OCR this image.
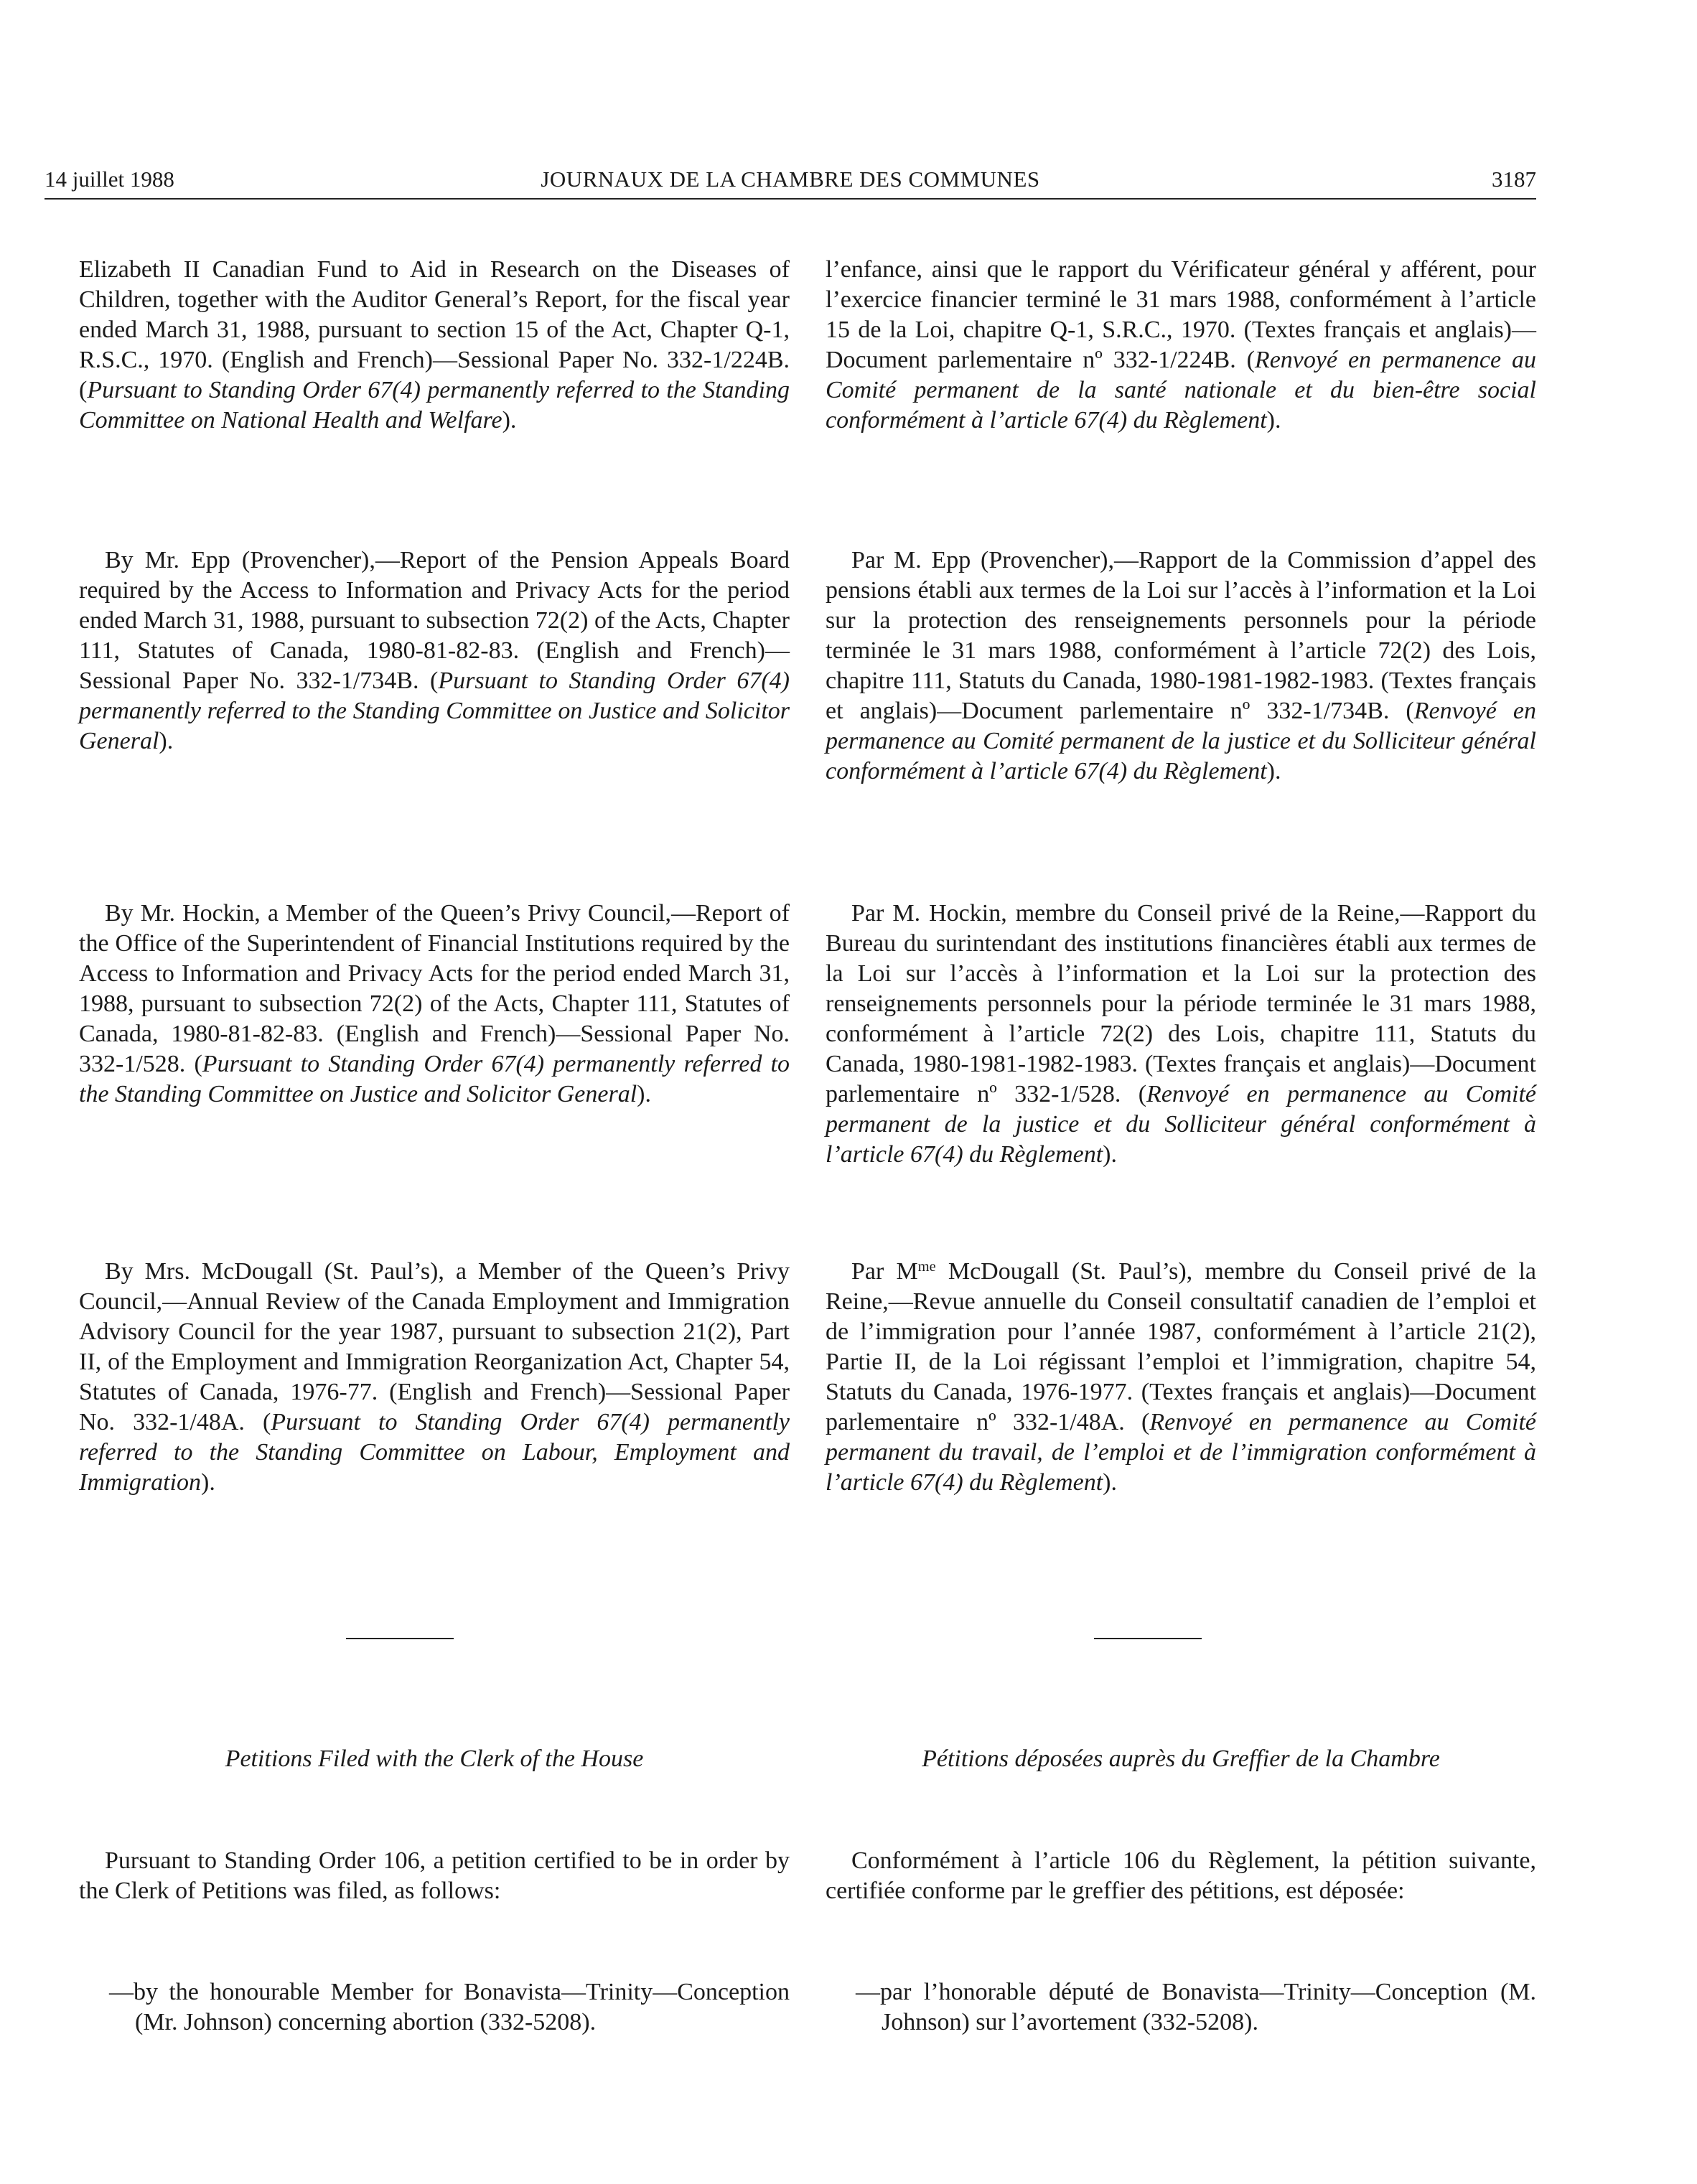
14 juillet 1988	JOURNAUX DE LA CHAMBRE DES COMMUNES	3187

Elizabeth II Canadian Fund to Aid in Research on the Diseases of Children, together with the Auditor General’s Report, for the fiscal year ended March 31, 1988, pursuant to section 15 of the Act, Chapter Q-1, R.S.C., 1970. (English and French)—Sessional Paper No. 332-1/224B. (Pursuant to Standing Order 67(4) permanently referred to the Standing Committee on National Health and Welfare).

By Mr. Epp (Provencher),—Report of the Pension Appeals Board required by the Access to Information and Privacy Acts for the period ended March 31, 1988, pursuant to subsection 72(2) of the Acts, Chapter 111, Statutes of Canada, 1980-81-82-83. (English and French)—Sessional Paper No. 332-1/734B. (Pursuant to Standing Order 67(4) permanently referred to the Standing Committee on Justice and Solicitor General).

By Mr. Hockin, a Member of the Queen’s Privy Council,—Report of the Office of the Superintendent of Financial Institutions required by the Access to Information and Privacy Acts for the period ended March 31, 1988, pursuant to subsection 72(2) of the Acts, Chapter 111, Statutes of Canada, 1980-81-82-83. (English and French)—Sessional Paper No. 332-1/528. (Pursuant to Standing Order 67(4) permanently referred to the Standing Committee on Justice and Solicitor General).

By Mrs. McDougall (St. Paul’s), a Member of the Queen’s Privy Council,—Annual Review of the Canada Employment and Immigration Advisory Council for the year 1987, pursuant to subsection 21(2), Part II, of the Employment and Immigration Reorganization Act, Chapter 54, Statutes of Canada, 1976-77. (English and French)—Sessional Paper No. 332-1/48A. (Pursuant to Standing Order 67(4) permanently referred to the Standing Committee on Labour, Employment and Immigration).

Petitions Filed with the Clerk of the House

Pursuant to Standing Order 106, a petition certified to be in order by the Clerk of Petitions was filed, as follows:

—by the honourable Member for Bonavista—Trinity—Conception (Mr. Johnson) concerning abortion (332-5208).

l’enfance, ainsi que le rapport du Vérificateur général y afférent, pour l’exercice financier terminé le 31 mars 1988, conformément à l’article 15 de la Loi, chapitre Q-1, S.R.C., 1970. (Textes français et anglais)—Document parlementaire nº 332-1/224B. (Renvoyé en permanence au Comité permanent de la santé nationale et du bien-être social conformément à l’article 67(4) du Règlement).

Par M. Epp (Provencher),—Rapport de la Commission d’appel des pensions établi aux termes de la Loi sur l’accès à l’information et la Loi sur la protection des renseignements personnels pour la période terminée le 31 mars 1988, conformément à l’article 72(2) des Lois, chapitre 111, Statuts du Canada, 1980-1981-1982-1983. (Textes français et anglais)—Document parlementaire nº 332-1/734B. (Renvoyé en permanence au Comité permanent de la justice et du Solliciteur général conformément à l’article 67(4) du Règlement).

Par M. Hockin, membre du Conseil privé de la Reine,—Rapport du Bureau du surintendant des institutions financières établi aux termes de la Loi sur l’accès à l’information et la Loi sur la protection des renseignements personnels pour la période terminée le 31 mars 1988, conformément à l’article 72(2) des Lois, chapitre 111, Statuts du Canada, 1980-1981-1982-1983. (Textes français et anglais)—Document parlementaire nº 332-1/528. (Renvoyé en permanence au Comité permanent de la justice et du Solliciteur général conformément à l’article 67(4) du Règlement).

Par $M^{me}$ McDougall (St. Paul’s), membre du Conseil privé de la Reine,—Revue annuelle du Conseil consultatif canadien de l’emploi et de l’immigration pour l’année 1987, conformément à l’article 21(2), Partie II, de la Loi régissant l’emploi et l’immigration, chapitre 54, Statuts du Canada, 1976-1977. (Textes français et anglais)—Document parlementaire nº 332-1/48A. (Renvoyé en permanence au Comité permanent du travail, de l’emploi et de l’immigration conformément à l’article 67(4) du Règlement).

Pétitions déposées auprès du Greffier de la Chambre

Conformément à l’article 106 du Règlement, la pétition suivante, certifiée conforme par le greffier des pétitions, est déposée:

—par l’honorable député de Bonavista—Trinity—Conception (M. Johnson) sur l’avortement (332-5208).
